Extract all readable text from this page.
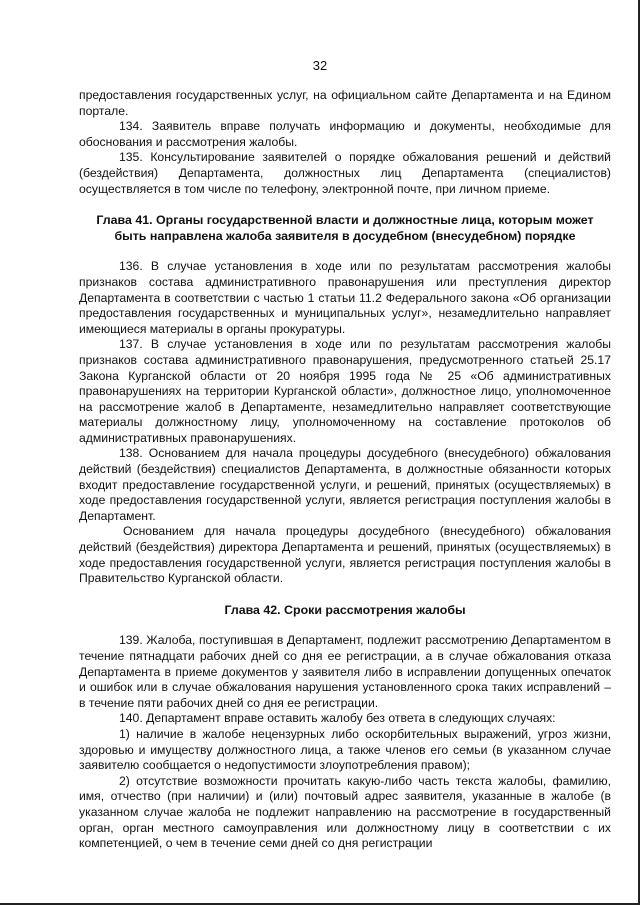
32

предоставления государственных услуг, на официальном сайте Департамента и на Едином портале.

134. Заявитель вправе получать информацию и документы, необходимые для обоснования и рассмотрения жалобы.

135. Консультирование заявителей о порядке обжалования решений и действий (бездействия) Департамента, должностных лиц Департамента (специалистов) осуществляется в том числе по телефону, электронной почте, при личном приеме.

Глава 41. Органы государственной власти и должностные лица, которым может быть направлена жалоба заявителя в досудебном (внесудебном) порядке

136. В случае установления в ходе или по результатам рассмотрения жалобы признаков состава административного правонарушения или преступления директор Департамента в соответствии с частью 1 статьи 11.2 Федерального закона «Об организации предоставления государственных и муниципальных услуг», незамедлительно направляет имеющиеся материалы в органы прокуратуры.

137. В случае установления в ходе или по результатам рассмотрения жалобы признаков состава административного правонарушения, предусмотренного статьей 25.17 Закона Курганской области от 20 ноября 1995 года № 25 «Об административных правонарушениях на территории Курганской области», должностное лицо, уполномоченное на рассмотрение жалоб в Департаменте, незамедлительно направляет соответствующие материалы должностному лицу, уполномоченному на составление протоколов об административных правонарушениях.

138. Основанием для начала процедуры досудебного (внесудебного) обжалования действий (бездействия) специалистов Департамента, в должностные обязанности которых входит предоставление государственной услуги, и решений, принятых (осуществляемых) в ходе предоставления государственной услуги, является регистрация поступления жалобы в Департамент.

Основанием для начала процедуры досудебного (внесудебного) обжалования действий (бездействия) директора Департамента и решений, принятых (осуществляемых) в ходе предоставления государственной услуги, является регистрация поступления жалобы в Правительство Курганской области.

Глава 42. Сроки рассмотрения жалобы

139. Жалоба, поступившая в Департамент, подлежит рассмотрению Департаментом в течение пятнадцати рабочих дней со дня ее регистрации, а в случае обжалования отказа Департамента в приеме документов у заявителя либо в исправлении допущенных опечаток и ошибок или в случае обжалования нарушения установленного срока таких исправлений – в течение пяти рабочих дней со дня ее регистрации.

140. Департамент вправе оставить жалобу без ответа в следующих случаях:

1) наличие в жалобе нецензурных либо оскорбительных выражений, угроз жизни, здоровью и имуществу должностного лица, а также членов его семьи (в указанном случае заявителю сообщается о недопустимости злоупотребления правом);

2) отсутствие возможности прочитать какую-либо часть текста жалобы, фамилию, имя, отчество (при наличии) и (или) почтовый адрес заявителя, указанные в жалобе (в указанном случае жалоба не подлежит направлению на рассмотрение в государственный орган, орган местного самоуправления или должностному лицу в соответствии с их компетенцией, о чем в течение семи дней со дня регистрации
